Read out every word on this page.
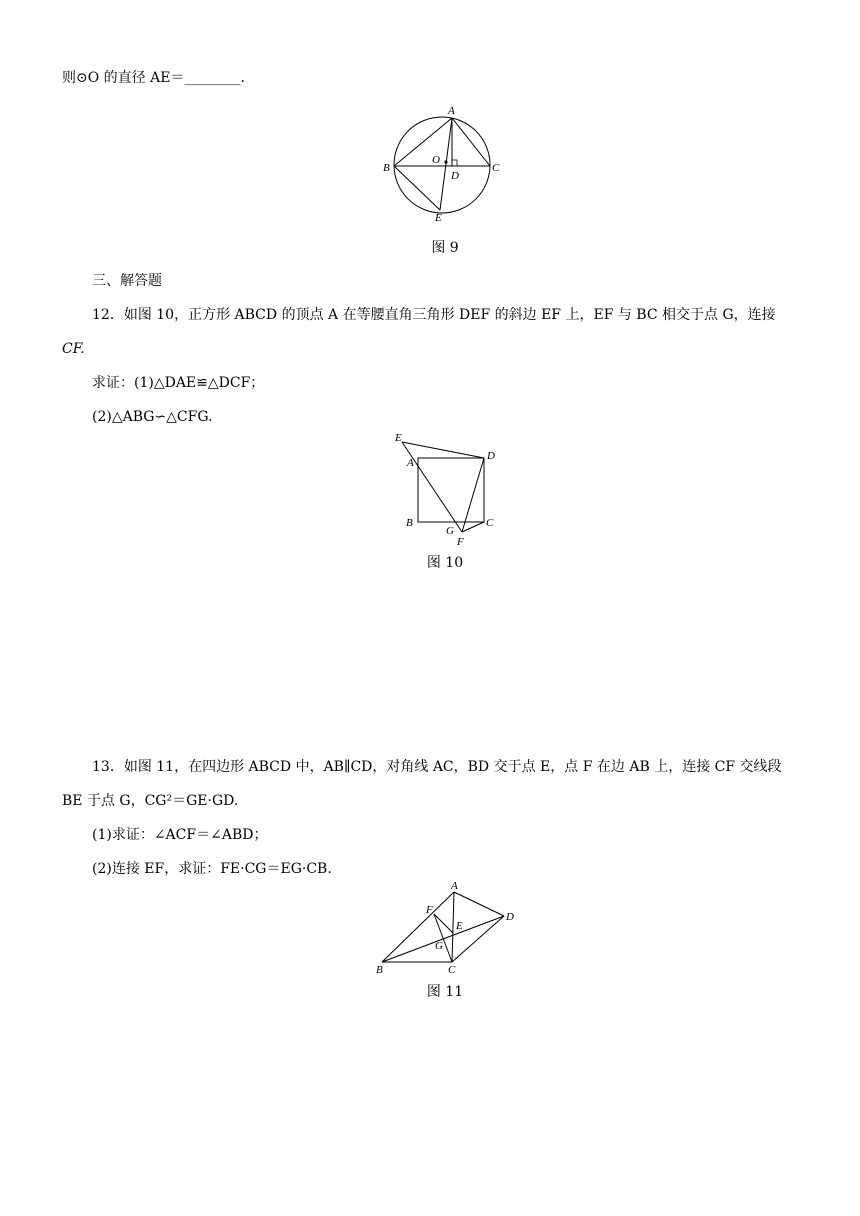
则⊙O 的直径 AE＝________．
A
B	C
D
E
O
图 9
三、解答题
12．如图 10，正方形 ABCD 的顶点 A 在等腰直角三角形 DEF 的斜边 EF 上，EF 与 BC 相交于点 G，连接
CF.
求证：(1)△DAE≌△DCF；
(2)△ABG∽△CFG.
E
A
D
B	C
G
F
图 10
13．如图 11，在四边形 ABCD 中，AB∥CD，对角线 AC，BD 交于点 E，点 F 在边 AB 上，连接 CF 交线段
BE 于点 G，CG²＝GE·GD.
(1)求证：∠ACF＝∠ABD；
(2)连接 EF，求证：FE·CG＝EG·CB.
A
F
D
E
G
B	C
图 11
